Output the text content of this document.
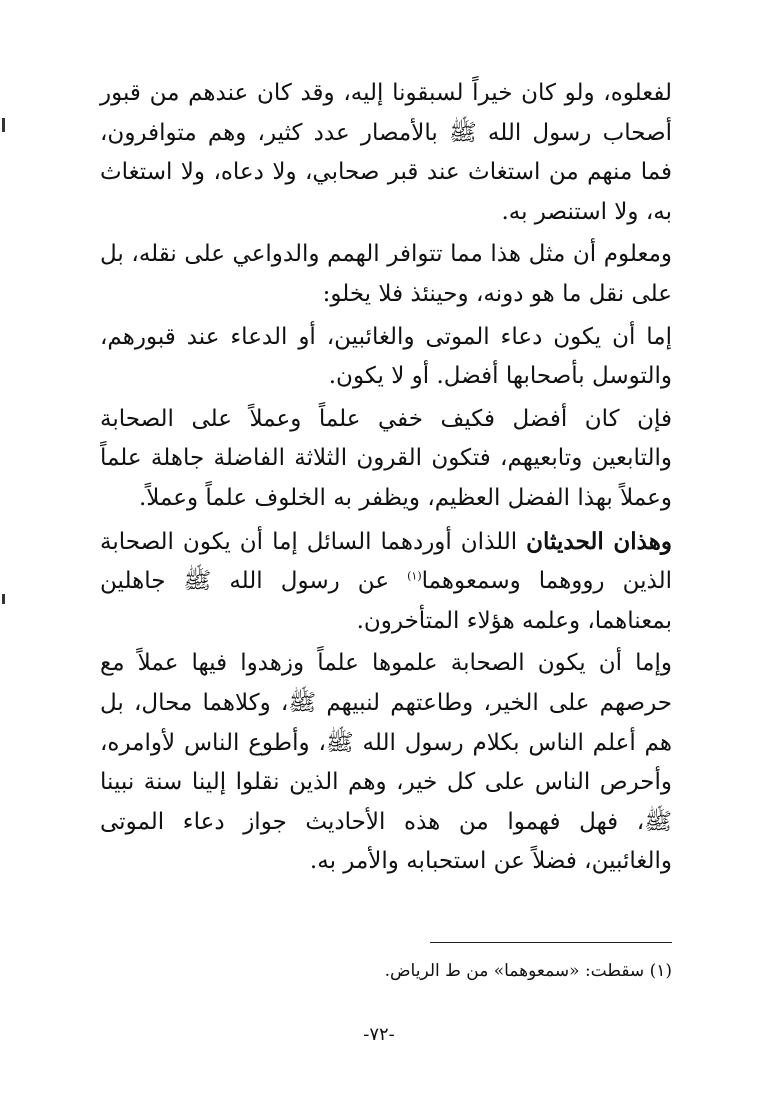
لفعلوه، ولو كان خيراً لسبقونا إليه، وقد كان عندهم من قبور أصحاب رسول الله ﷺ بالأمصار عدد كثير، وهم متوافرون، فما منهم من استغاث عند قبر صحابي، ولا دعاه، ولا استغاث به، ولا استنصر به.

ومعلوم أن مثل هذا مما تتوافر الهمم والدواعي على نقله، بل على نقل ما هو دونه، وحينئذ فلا يخلو:

إما أن يكون دعاء الموتى والغائبين، أو الدعاء عند قبورهم، والتوسل بأصحابها أفضل. أو لا يكون.

فإن كان أفضل فكيف خفي علماً وعملاً على الصحابة والتابعين وتابعيهم، فتكون القرون الثلاثة الفاضلة جاهلة علماً وعملاً بهذا الفضل العظيم، ويظفر به الخلوف علماً وعملاً.

وهذان الحديثان اللذان أوردهما السائل إما أن يكون الصحابة الذين رووهما وسمعوهما$^{(١)}$ عن رسول الله ﷺ جاهلين بمعناهما، وعلمه هؤلاء المتأخرون.

وإما أن يكون الصحابة علموها علماً وزهدوا فيها عملاً مع حرصهم على الخير، وطاعتهم لنبيهم ﷺ، وكلاهما محال، بل هم أعلم الناس بكلام رسول الله ﷺ، وأطوع الناس لأوامره، وأحرص الناس على كل خير، وهم الذين نقلوا إلينا سنة نبينا ﷺ، فهل فهموا من هذه الأحاديث جواز دعاء الموتى والغائبين، فضلاً عن استحبابه والأمر به.

(١) سقطت: «سمعوهما» من ط الرياض.
-٧٢-
